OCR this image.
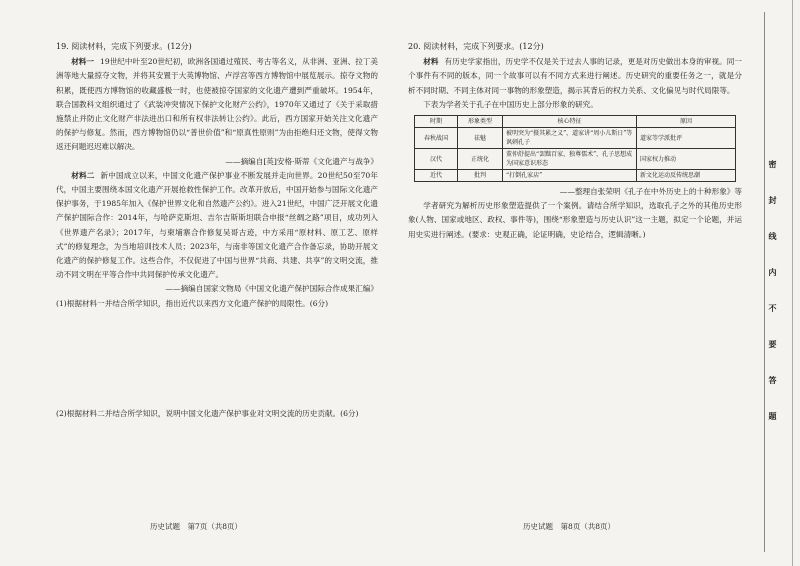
19. 阅读材料，完成下列要求。(12分)

材料一 19世纪中叶至20世纪初，欧洲各国通过殖民、考古等名义，从非洲、亚洲、拉丁美洲等地大量掠夺文物，并将其安置于大英博物馆、卢浮宫等西方博物馆中展览展示。掠夺文物的积累，既使西方博物馆的收藏盛极一时，也使被掠夺国家的文化遗产遭到严重破坏。1954年，联合国教科文组织通过了《武装冲突情况下保护文化财产公约》，1970年又通过了《关于采取措施禁止并防止文化财产非法进出口和所有权非法转让公约》。此后，西方国家开始关注文化遗产的保护与修复。然而，西方博物馆仍以“普世价值”和“原真性原则”为由拒绝归还文物，使得文物返还问题迟迟难以解决。

——摘编自[英]安格·斯蒂《文化遗产与战争》

材料二 新中国成立以来，中国文化遗产保护事业不断发展并走向世界。20世纪50至70年代，中国主要围绕本国文化遗产开展抢救性保护工作。改革开放后，中国开始参与国际文化遗产保护事务，于1985年加入《保护世界文化和自然遗产公约》。进入21世纪，中国广泛开展文化遗产保护国际合作：2014年，与哈萨克斯坦、吉尔吉斯斯坦联合申报“丝绸之路”项目，成功列入《世界遗产名录》；2017年，与柬埔寨合作修复吴哥古迹，中方采用“原材料、原工艺、原样式”的修复理念，为当地培训技术人员；2023年，与南非等国文化遗产合作备忘录，协助开展文化遗产的保护修复工作。这些合作，不仅促进了中国与世界“共商、共建、共享”的文明交流，推动不同文明在平等合作中共同保护传承文化遗产。

——摘编自国家文物局《中国文化遗产保护国际合作成果汇编》
(1)根据材料一并结合所学知识，指出近代以来西方文化遗产保护的局限性。(6分)
(2)根据材料二并结合所学知识，说明中国文化遗产保护事业对文明交流的历史贡献。(6分)
20. 阅读材料，完成下列要求。(12分)

材料 有历史学家指出，历史学不仅是关于过去人事的记录，更是对历史做出本身的审视。同一个事件有不同的版本，同一个故事可以有不同方式来进行阐述。历史研究的重要任务之一，就是分析不同时期、不同主体对同一事物的形象塑造，揭示其背后的权力关系、文化偏见与时代局限等。

下表为学者关于孔子在中国历史上部分形象的研究。

时期	形象类型	核心特征	原因
春秋战国	祛魅	被明突为“摄其累之义”，道家讲“周小儿斯日”等讽刺孔子	道家等学派批评
汉代	正统化	董仲舒提出“罢黜百家，独尊儒术”，孔子思想成为国家意识形态	国家权力推动
近代	批判	“打倒孔家店”	新文化运动反传统思潮
——整理自张荣明《孔子在中外历史上的十种形象》等

学者研究为解析历史形象塑造提供了一个案例。请结合所学知识，选取孔子之外的其他历史形象(人物、国家或地区、政权、事件等)，围绕“形象塑造与历史认识”这一主题，拟定一个论题，并运用史实进行阐述。(要求：史观正确，论证明确，史论结合，逻辑清晰。)

历史试题　第7页（共8页）	历史试题　第8页（共8页）
密封线内不要答题
